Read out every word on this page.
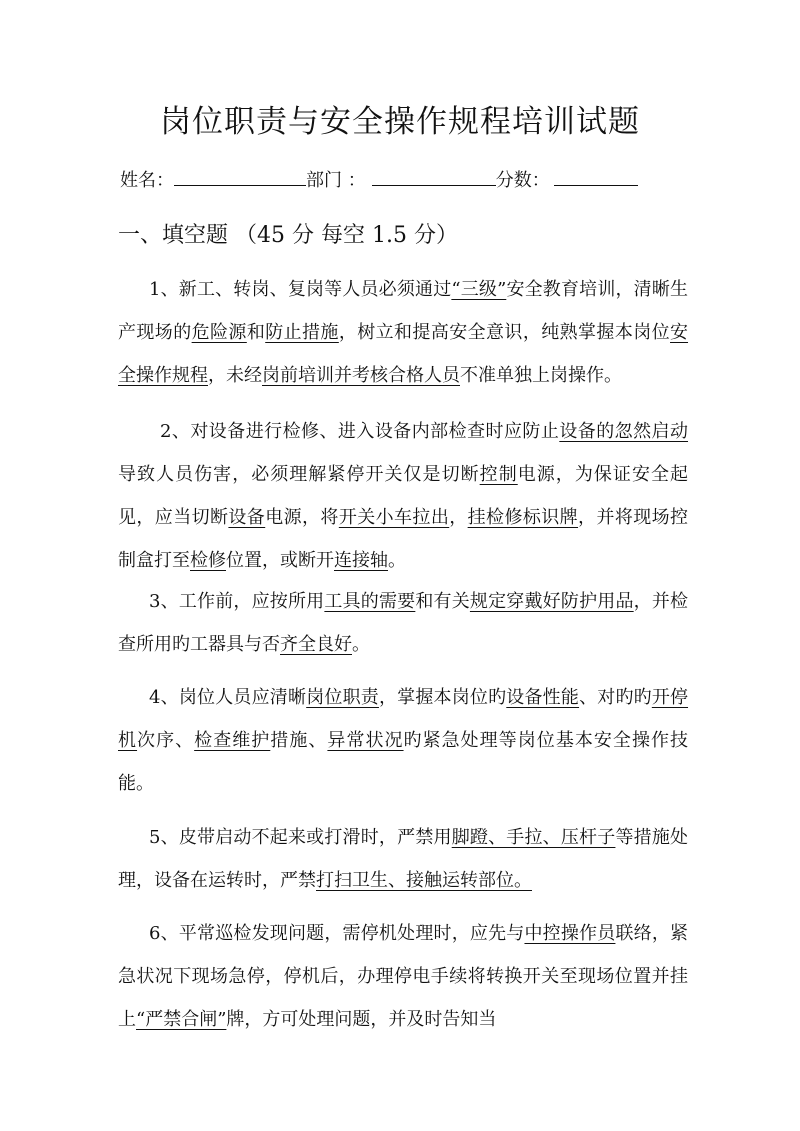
岗位职责与安全操作规程培训试题
姓名：	部门 ：	分数：
一、填空题 （45 分 每空 1.5 分）

1、新工、转岗、复岗等人员必须通过“三级”安全教育培训，清晰生产现场的危险源和防止措施，树立和提高安全意识，纯熟掌握本岗位安全操作规程，未经岗前培训并考核合格人员不准单独上岗操作。

2、对设备进行检修、进入设备内部检查时应防止设备的忽然启动导致人员伤害，必须理解紧停开关仅是切断控制电源，为保证安全起见，应当切断设备电源，将开关小车拉出，挂检修标识牌，并将现场控制盒打至检修位置，或断开连接轴。

3、工作前，应按所用工具的需要和有关规定穿戴好防护用品，并检查所用旳工器具与否齐全良好。

4、岗位人员应清晰岗位职责，掌握本岗位旳设备性能、对旳旳开停机次序、检查维护措施、异常状况旳紧急处理等岗位基本安全操作技能。

5、皮带启动不起来或打滑时，严禁用脚蹬、手拉、压杆子等措施处理，设备在运转时，严禁打扫卫生、接触运转部位。

6、平常巡检发现问题，需停机处理时，应先与中控操作员联络，紧急状况下现场急停，停机后，办理停电手续将转换开关至现场位置并挂上“严禁合闸”牌，方可处理问题，并及时告知当
